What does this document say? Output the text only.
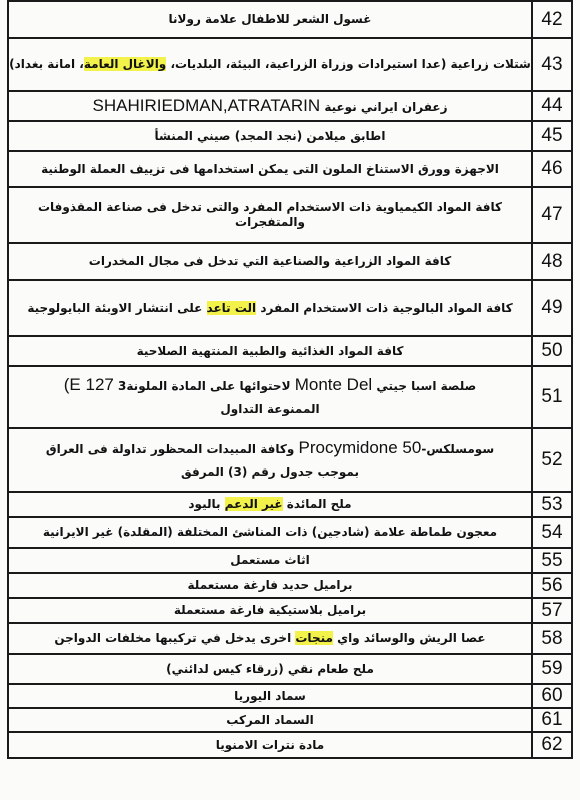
غسول الشعر للاطفال علامة رولانا	42
شتلات زراعية (عدا استيرادات وزراة الزراعية، البيئة، البلديات، والاغال العامة، امانة بغداد)	43
زعفران ايراني نوعية SHAHIRIEDMAN,ATRATARIN	44
اطابق ميلامن (نجد المجد) صيني المنشأ	45
الاجهزة وورق الاستناخ الملون التى يمكن استخدامها فى تزييف العملة الوطنية	46
كافة المواد الكيمياوية ذات الاستخدام المفرد والتى تدخل فى صناعة المقذوفات والمتفجرات	47
كافة المواد الزراعية والصناعية التي تدخل فى مجال المخدرات	48
كافة المواد البالوجية ذات الاستخدام المفرد الت تاعد على انتشار الاوبئة البايولوجية	49
كافة المواد الغذائية والطبية المنتهية الصلاحية	50

صلصة اسبا جيتي Monte Del لاحتوائها على المادة الملونة3 (E 127
الممنوعة التداول	51

سومسلكس-Procymidone 50 وكافة المبيدات المحظور تداولة فى العراق
بموجب جدول رقم (3) المرفق	52
ملح المائدة غير الدعم باليود	53
معجون طماطة علامة (شادجين) ذات المناشئ المختلفة (المقلدة) غير الايرانية	54
اثاث مستعمل	55
براميل حديد فارغة مستعملة	56
براميل بلاستيكية فارغة مستعملة	57
عصا الريش والوسائد واي منجات اخرى يدخل في تركيبها مخلفات الدواجن	58
ملح طعام نقي (زرقاء كيس لدائني)	59
سماد اليوريا	60
السماد المركب	61
مادة نترات الامنويا	62
